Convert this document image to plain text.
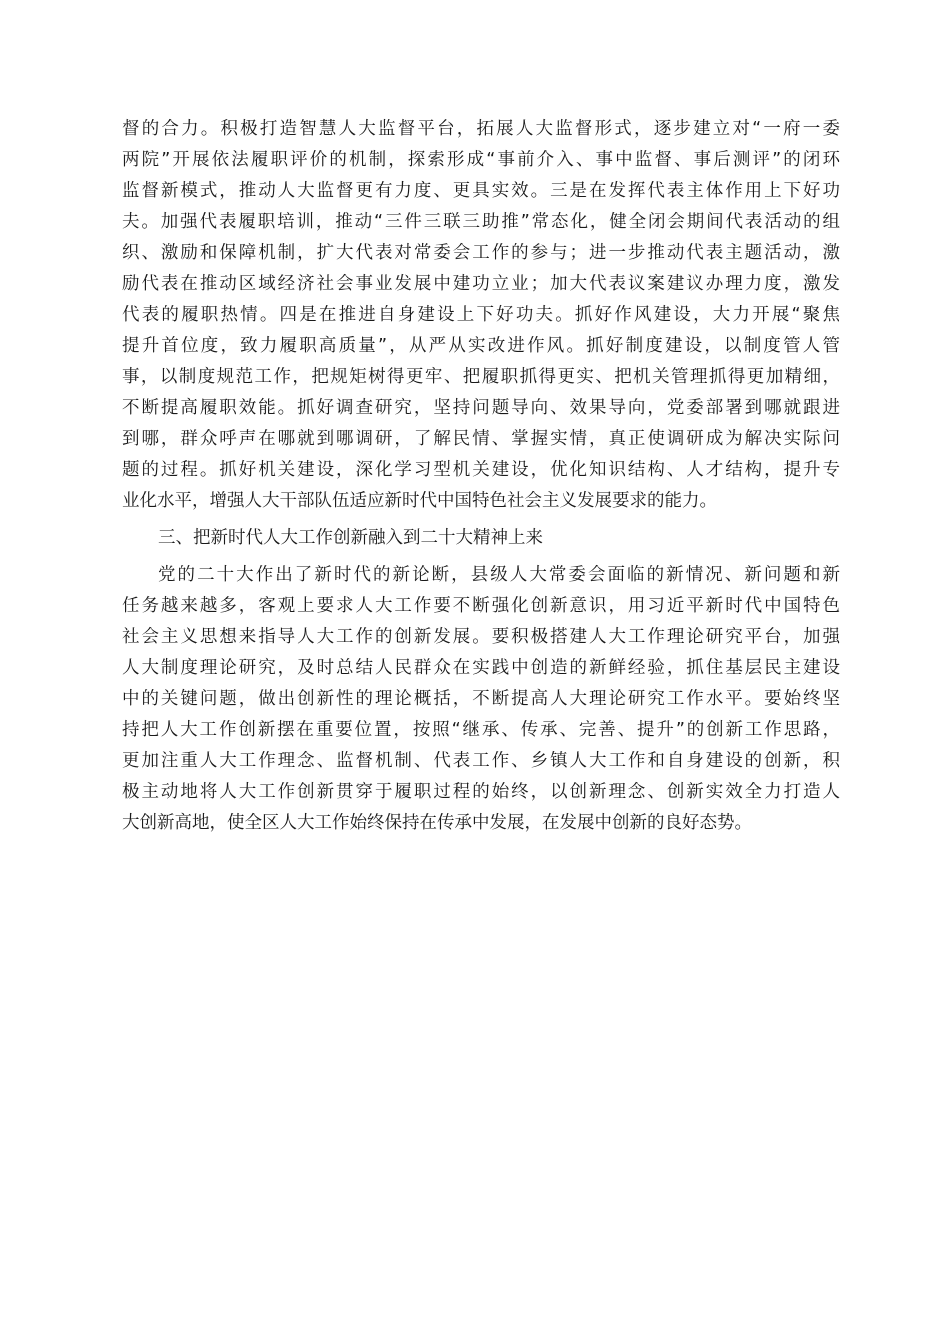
督的合力。积极打造智慧人大监督平台，拓展人大监督形式，逐步建立对“一府一委
两院”开展依法履职评价的机制，探索形成“事前介入、事中监督、事后测评”的闭环
监督新模式，推动人大监督更有力度、更具实效。三是在发挥代表主体作用上下好功
夫。加强代表履职培训，推动“三件三联三助推”常态化，健全闭会期间代表活动的组
织、激励和保障机制，扩大代表对常委会工作的参与；进一步推动代表主题活动，激
励代表在推动区域经济社会事业发展中建功立业；加大代表议案建议办理力度，激发
代表的履职热情。四是在推进自身建设上下好功夫。抓好作风建设，大力开展“聚焦
提升首位度，致力履职高质量”，从严从实改进作风。抓好制度建设，以制度管人管
事，以制度规范工作，把规矩树得更牢、把履职抓得更实、把机关管理抓得更加精细，
不断提高履职效能。抓好调查研究，坚持问题导向、效果导向，党委部署到哪就跟进
到哪，群众呼声在哪就到哪调研，了解民情、掌握实情，真正使调研成为解决实际问
题的过程。抓好机关建设，深化学习型机关建设，优化知识结构、人才结构，提升专
业化水平，增强人大干部队伍适应新时代中国特色社会主义发展要求的能力。
三、把新时代人大工作创新融入到二十大精神上来
党的二十大作出了新时代的新论断，县级人大常委会面临的新情况、新问题和新
任务越来越多，客观上要求人大工作要不断强化创新意识，用习近平新时代中国特色
社会主义思想来指导人大工作的创新发展。要积极搭建人大工作理论研究平台，加强
人大制度理论研究，及时总结人民群众在实践中创造的新鲜经验，抓住基层民主建设
中的关键问题，做出创新性的理论概括，不断提高人大理论研究工作水平。要始终坚
持把人大工作创新摆在重要位置，按照“继承、传承、完善、提升”的创新工作思路，
更加注重人大工作理念、监督机制、代表工作、乡镇人大工作和自身建设的创新，积
极主动地将人大工作创新贯穿于履职过程的始终，以创新理念、创新实效全力打造人
大创新高地，使全区人大工作始终保持在传承中发展，在发展中创新的良好态势。
